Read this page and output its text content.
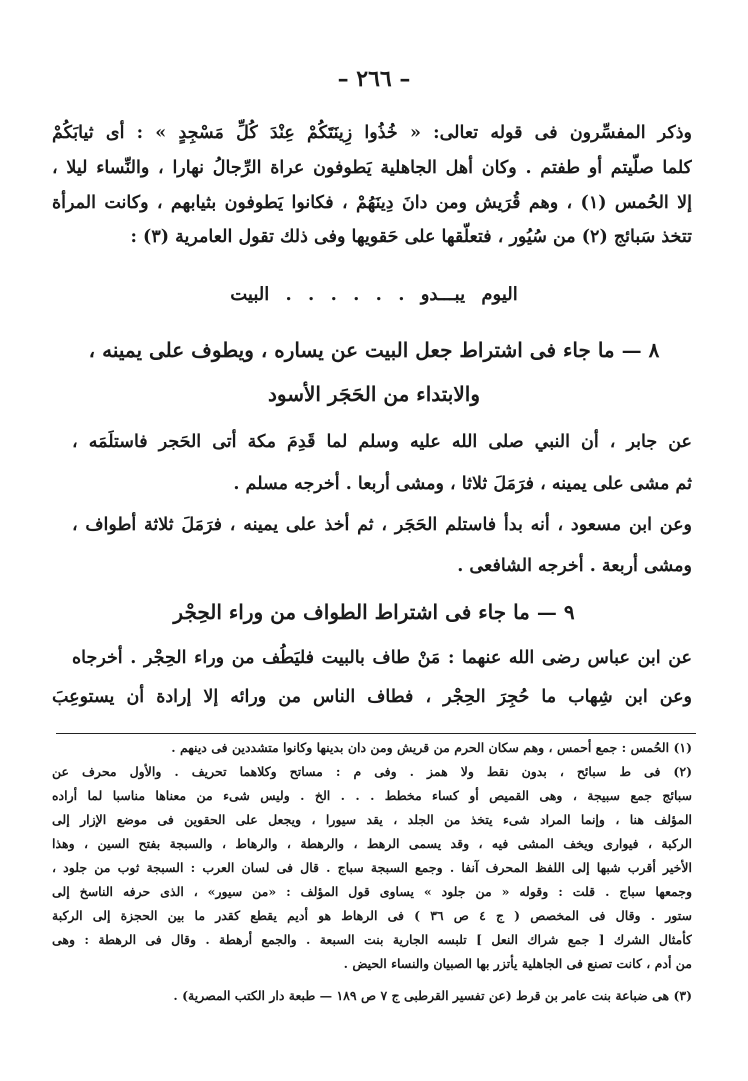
– ٢٦٦ –
وذكر المفسِّرون فى قوله تعالى: « خُذُوا زِينَتَكُمْ عِنْدَ كُلِّ مَسْجِدٍ » : أى ثيابَكُمْ
كلما صلّيتم أو طفتم . وكان أهل الجاهلية يَطوفون عراة الرِّجالُ نهارا ، والنِّساء ليلا ،
إلا الحُمس (١) ، وهم قُرَيش ومن دانَ دِينَهُمْ ، فكانوا يَطوفون بثيابهم ، وكانت المرأة
تتخذ سَبائج (٢) من سُيُور ، فتعلّقها على حَقويها وفى ذلك تقول العامرية (٣) :
اليوم يبـــدو . . . . . . البيت
٨ — ما جاء فى اشتراط جعل البيت عن يساره ، ويطوف على يمينه ،
والابتداء من الحَجَر الأسود
عن جابر ، أن النبي صلى الله عليه وسلم لما قَدِمَ مكة أتى الحَجر فاستلَمَه ،
ثم مشى على يمينه ، فرَمَلَ ثلاثا ، ومشى أربعا . أخرجه مسلم .
وعن ابن مسعود ، أنه بدأ فاستلم الحَجَر ، ثم أخذ على يمينه ، فرَمَلَ ثلاثة أطواف ،
ومشى أربعة . أخرجه الشافعى .
٩ — ما جاء فى اشتراط الطواف من وراء الحِجْر
عن ابن عباس رضى الله عنهما : مَنْ طاف بالبيت فليَطُف من وراء الحِجْر . أخرجاه
وعن ابن شِهاب ما حُجِرَ الحِجْر ، فطاف الناس من ورائه إلا إرادة أن يستوعِبَ
(١) الحُمس : جمع أحمس ، وهم سكان الحرم من قريش ومن دان بدينها وكانوا متشددين فى دينهم .
(٢) فى ط سبائح ، بدون نقط ولا همز . وفى م : مساتح وكلاهما تحريف . والأول محرف عن
سبائج جمع سبيجة ، وهى القميص أو كساء مخطط . . . الخ . وليس شىء من معناها مناسبا لما أراده
المؤلف هنا ، وإنما المراد شىء يتخذ من الجلد ، يقد سيورا ، ويجعل على الحقوين فى موضع الإزار إلى
الركبة ، فيوارى ويخف المشى فيه ، وقد يسمى الرهط ، والرهطة ، والرهاط ، والسبجة بفتح السين ، وهذا
الأخير أقرب شبها إلى اللفظ المحرف آنفا . وجمع السبجة سباج . قال فى لسان العرب : السبجة ثوب من جلود ،
وجمعها سباج . قلت : وقوله « من جلود » يساوى قول المؤلف : «من سيور» ، الذى حرفه الناسخ إلى
ستور . وقال فى المخصص ( ج ٤ ص ٣٦ ) فى الرهاط هو أديم يقطع كقدر ما بين الحجزة إلى الركبة
كأمثال الشرك [ جمع شراك النعل ] تلبسه الجارية بنت السبعة . والجمع أرهطة . وقال فى الرهطة : وهى
من أدم ، كانت تصنع فى الجاهلية يأتزر بها الصبيان والنساء الحيض .
(٣) هى ضباعة بنت عامر بن قرط (عن تفسير القرطبى ج ٧ ص ١٨٩ — طبعة دار الكتب المصرية) .
